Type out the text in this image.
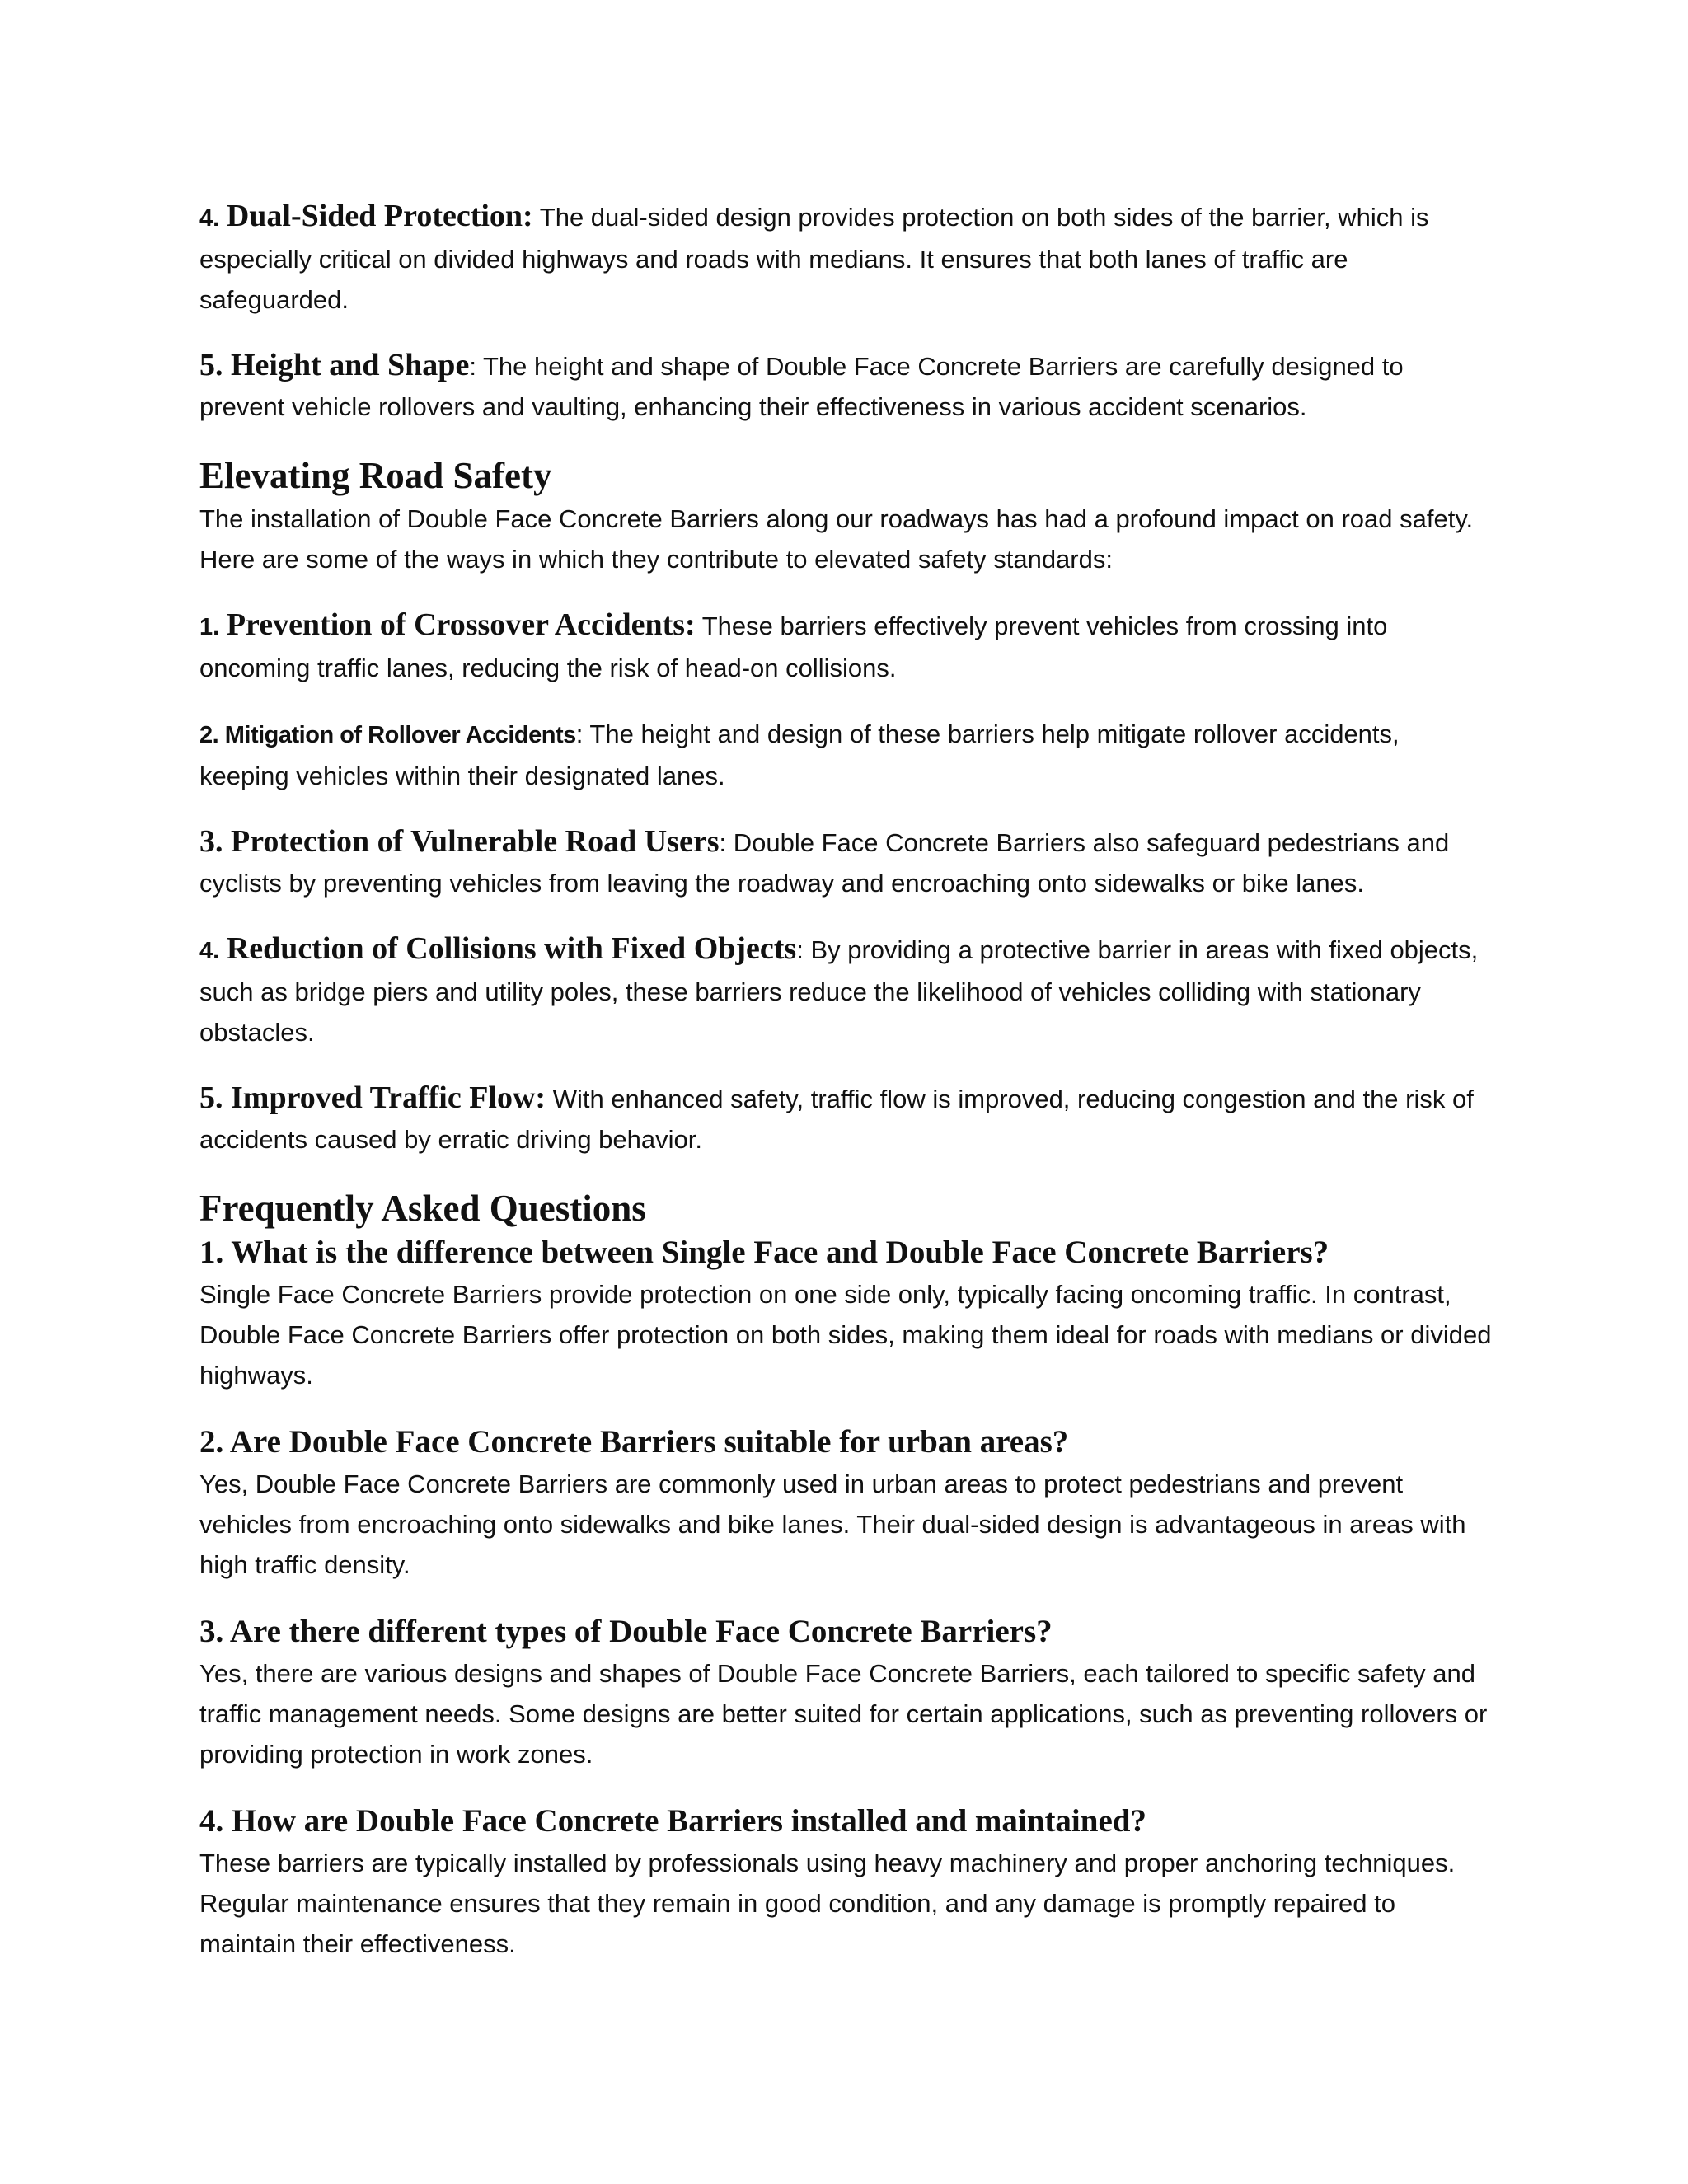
4. Dual-Sided Protection: The dual-sided design provides protection on both sides of the barrier, which is especially critical on divided highways and roads with medians. It ensures that both lanes of traffic are safeguarded.

5. Height and Shape: The height and shape of Double Face Concrete Barriers are carefully designed to prevent vehicle rollovers and vaulting, enhancing their effectiveness in various accident scenarios.

Elevating Road Safety

The installation of Double Face Concrete Barriers along our roadways has had a profound impact on road safety. Here are some of the ways in which they contribute to elevated safety standards:

1. Prevention of Crossover Accidents: These barriers effectively prevent vehicles from crossing into oncoming traffic lanes, reducing the risk of head-on collisions.

2. Mitigation of Rollover Accidents: The height and design of these barriers help mitigate rollover accidents, keeping vehicles within their designated lanes.

3. Protection of Vulnerable Road Users: Double Face Concrete Barriers also safeguard pedestrians and cyclists by preventing vehicles from leaving the roadway and encroaching onto sidewalks or bike lanes.

4. Reduction of Collisions with Fixed Objects: By providing a protective barrier in areas with fixed objects, such as bridge piers and utility poles, these barriers reduce the likelihood of vehicles colliding with stationary obstacles.

5. Improved Traffic Flow: With enhanced safety, traffic flow is improved, reducing congestion and the risk of accidents caused by erratic driving behavior.

Frequently Asked Questions
1. What is the difference between Single Face and Double Face Concrete Barriers?

Single Face Concrete Barriers provide protection on one side only, typically facing oncoming traffic. In contrast, Double Face Concrete Barriers offer protection on both sides, making them ideal for roads with medians or divided highways.

2. Are Double Face Concrete Barriers suitable for urban areas?

Yes, Double Face Concrete Barriers are commonly used in urban areas to protect pedestrians and prevent vehicles from encroaching onto sidewalks and bike lanes. Their dual-sided design is advantageous in areas with high traffic density.

3. Are there different types of Double Face Concrete Barriers?

Yes, there are various designs and shapes of Double Face Concrete Barriers, each tailored to specific safety and traffic management needs. Some designs are better suited for certain applications, such as preventing rollovers or providing protection in work zones.

4. How are Double Face Concrete Barriers installed and maintained?

These barriers are typically installed by professionals using heavy machinery and proper anchoring techniques. Regular maintenance ensures that they remain in good condition, and any damage is promptly repaired to maintain their effectiveness.
